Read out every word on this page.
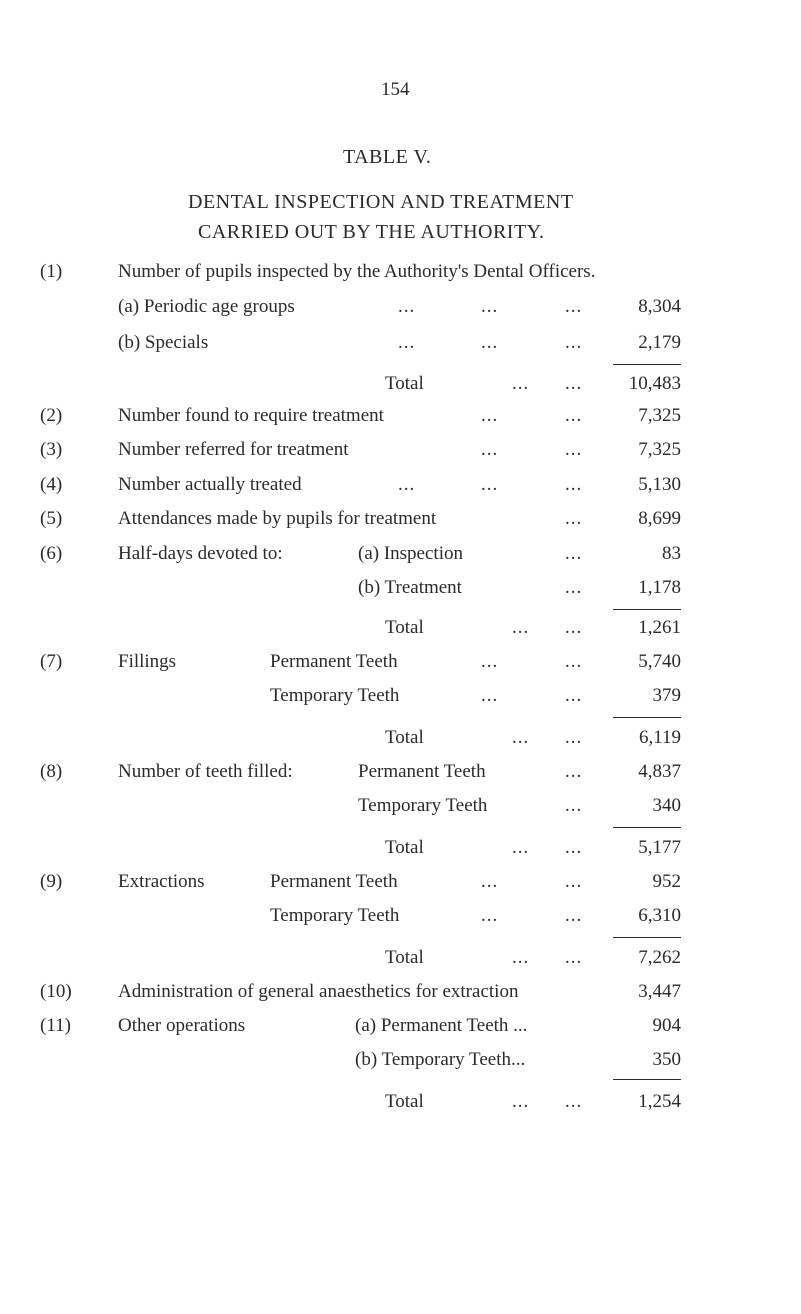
154
TABLE V.
DENTAL INSPECTION AND TREATMENT
CARRIED OUT BY THE AUTHORITY.
(1)	Number of pupils inspected by the Authority's Dental Officers.
(a) Periodic age groups	...	...	...	8,304
(b) Specials	...	...	...	2,179
Total	... ...	10,483
(2)	Number found to require treatment	...	...	7,325
(3)	Number referred for treatment	...	...	7,325
(4)	Number actually treated	...	...	...	5,130
(5)	Attendances made by pupils for treatment	...	8,699
(6)	Half-days devoted to:	(a) Inspection	...	83
(b) Treatment	...	1,178
Total	... ...	1,261
(7)	Fillings	Permanent Teeth	...	...	5,740
Temporary Teeth	...	...	379
Total	... ...	6,119
(8)	Number of teeth filled:	Permanent Teeth	...	4,837
Temporary Teeth	...	340
Total	... ...	5,177
(9)	Extractions	Permanent Teeth	...	...	952
Temporary Teeth	...	...	6,310
Total	... ...	7,262
(10) Administration of general anaesthetics for extraction	3,447
(11) Other operations	(a) Permanent Teeth ...	904
(b) Temporary Teeth...	350
Total	... ...	1,254
